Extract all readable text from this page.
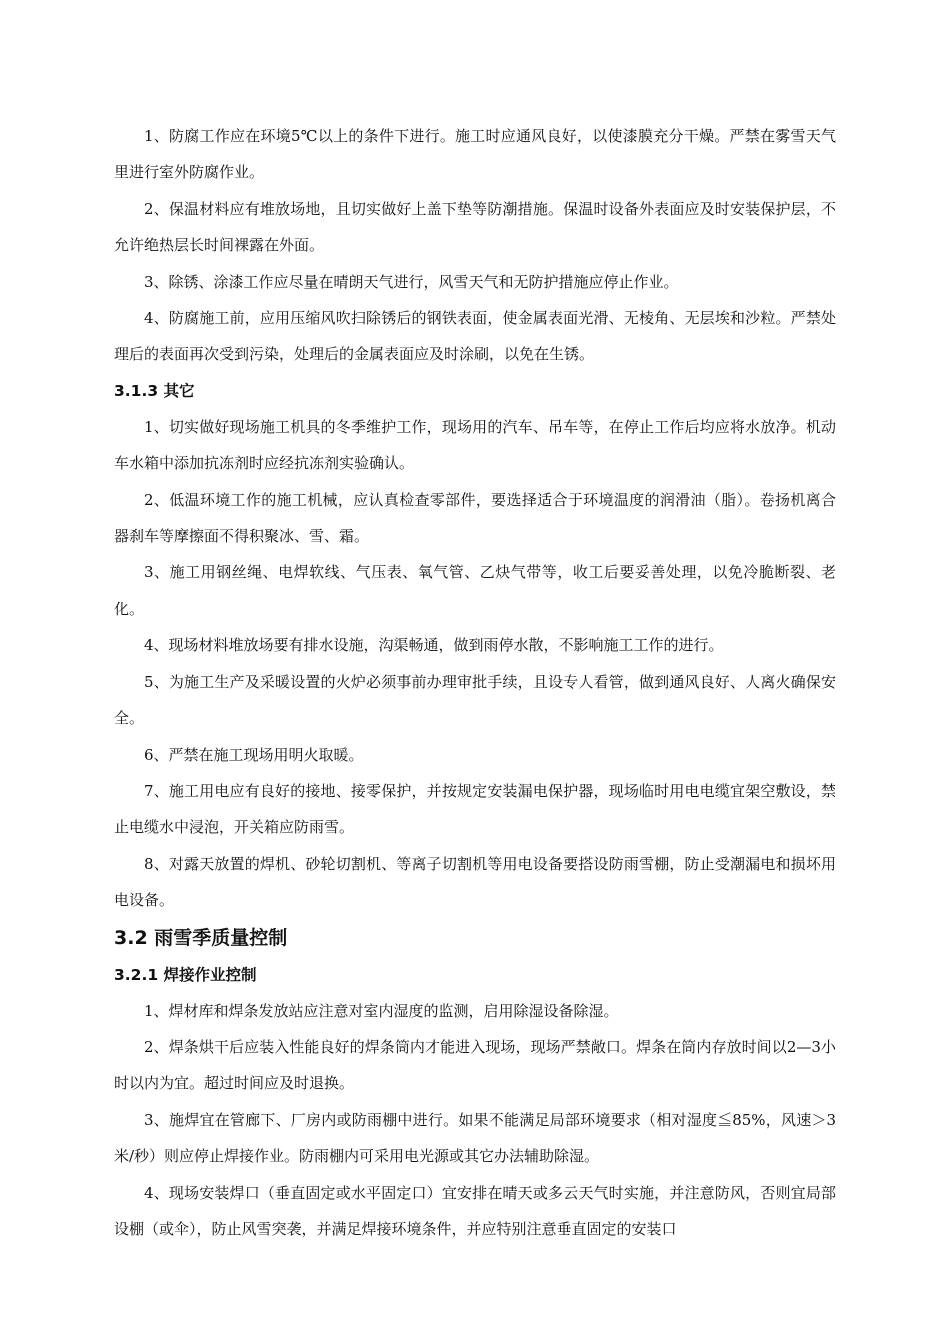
1、防腐工作应在环境5℃以上的条件下进行。施工时应通风良好，以使漆膜充分干燥。严禁在雾雪天气里进行室外防腐作业。

2、保温材料应有堆放场地，且切实做好上盖下垫等防潮措施。保温时设备外表面应及时安装保护层，不允许绝热层长时间裸露在外面。

3、除锈、涂漆工作应尽量在晴朗天气进行，风雪天气和无防护措施应停止作业。

4、防腐施工前，应用压缩风吹扫除锈后的钢铁表面，使金属表面光滑、无棱角、无层埃和沙粒。严禁处理后的表面再次受到污染，处理后的金属表面应及时涂刷，以免在生锈。

3.1.3 其它

1、切实做好现场施工机具的冬季维护工作，现场用的汽车、吊车等，在停止工作后均应将水放净。机动车水箱中添加抗冻剂时应经抗冻剂实验确认。

2、低温环境工作的施工机械，应认真检查零部件，要选择适合于环境温度的润滑油（脂）。卷扬机离合器刹车等摩擦面不得积聚冰、雪、霜。

3、施工用钢丝绳、电焊软线、气压表、氧气管、乙炔气带等，收工后要妥善处理，以免冷脆断裂、老化。

4、现场材料堆放场要有排水设施，沟渠畅通，做到雨停水散，不影响施工工作的进行。

5、为施工生产及采暖设置的火炉必须事前办理审批手续，且设专人看管，做到通风良好、人离火确保安全。

6、严禁在施工现场用明火取暖。

7、施工用电应有良好的接地、接零保护，并按规定安装漏电保护器，现场临时用电电缆宜架空敷设，禁止电缆水中浸泡，开关箱应防雨雪。

8、对露天放置的焊机、砂轮切割机、等离子切割机等用电设备要搭设防雨雪棚，防止受潮漏电和损坏用电设备。

3.2 雨雪季质量控制
3.2.1 焊接作业控制

1、焊材库和焊条发放站应注意对室内湿度的监测，启用除湿设备除湿。

2、焊条烘干后应装入性能良好的焊条筒内才能进入现场，现场严禁敞口。焊条在筒内存放时间以2—3小时以内为宜。超过时间应及时退换。

3、施焊宜在管廊下、厂房内或防雨棚中进行。如果不能满足局部环境要求（相对湿度≦85%，风速＞3米/秒）则应停止焊接作业。防雨棚内可采用电光源或其它办法辅助除湿。

4、现场安装焊口（垂直固定或水平固定口）宜安排在晴天或多云天气时实施，并注意防风，否则宜局部设棚（或伞），防止风雪突袭，并满足焊接环境条件，并应特别注意垂直固定的安装口
